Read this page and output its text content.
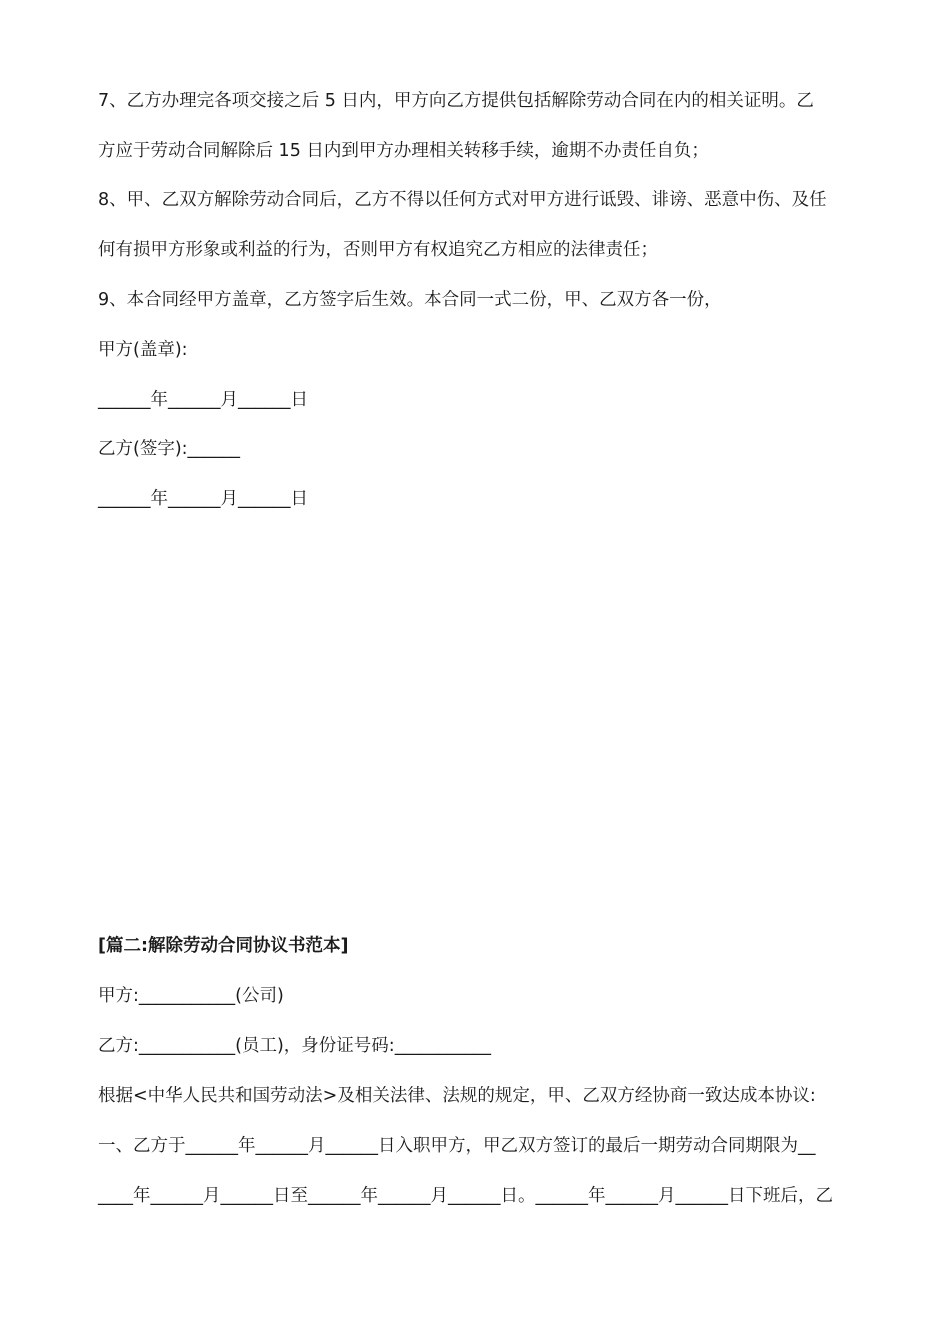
7、乙方办理完各项交接之后 5 日内，甲方向乙方提供包括解除劳动合同在内的相关证明。乙
方应于劳动合同解除后 15 日内到甲方办理相关转移手续，逾期不办责任自负；
8、甲、乙双方解除劳动合同后，乙方不得以任何方式对甲方进行诋毁、诽谤、恶意中伤、及任
何有损甲方形象或利益的行为，否则甲方有权追究乙方相应的法律责任；
9、本合同经甲方盖章，乙方签字后生效。本合同一式二份，甲、乙双方各一份，
甲方(盖章):
______年______月______日
乙方(签字):______
______年______月______日
[篇二:解除劳动合同协议书范本]
甲方:___________(公司)
乙方:___________(员工)，身份证号码:___________
根据<中华人民共和国劳动法>及相关法律、法规的规定，甲、乙双方经协商一致达成本协议:
一、乙方于______年______月______日入职甲方，甲乙双方签订的最后一期劳动合同期限为__
____年______月______日至______年______月______日。______年______月______日下班后，乙
